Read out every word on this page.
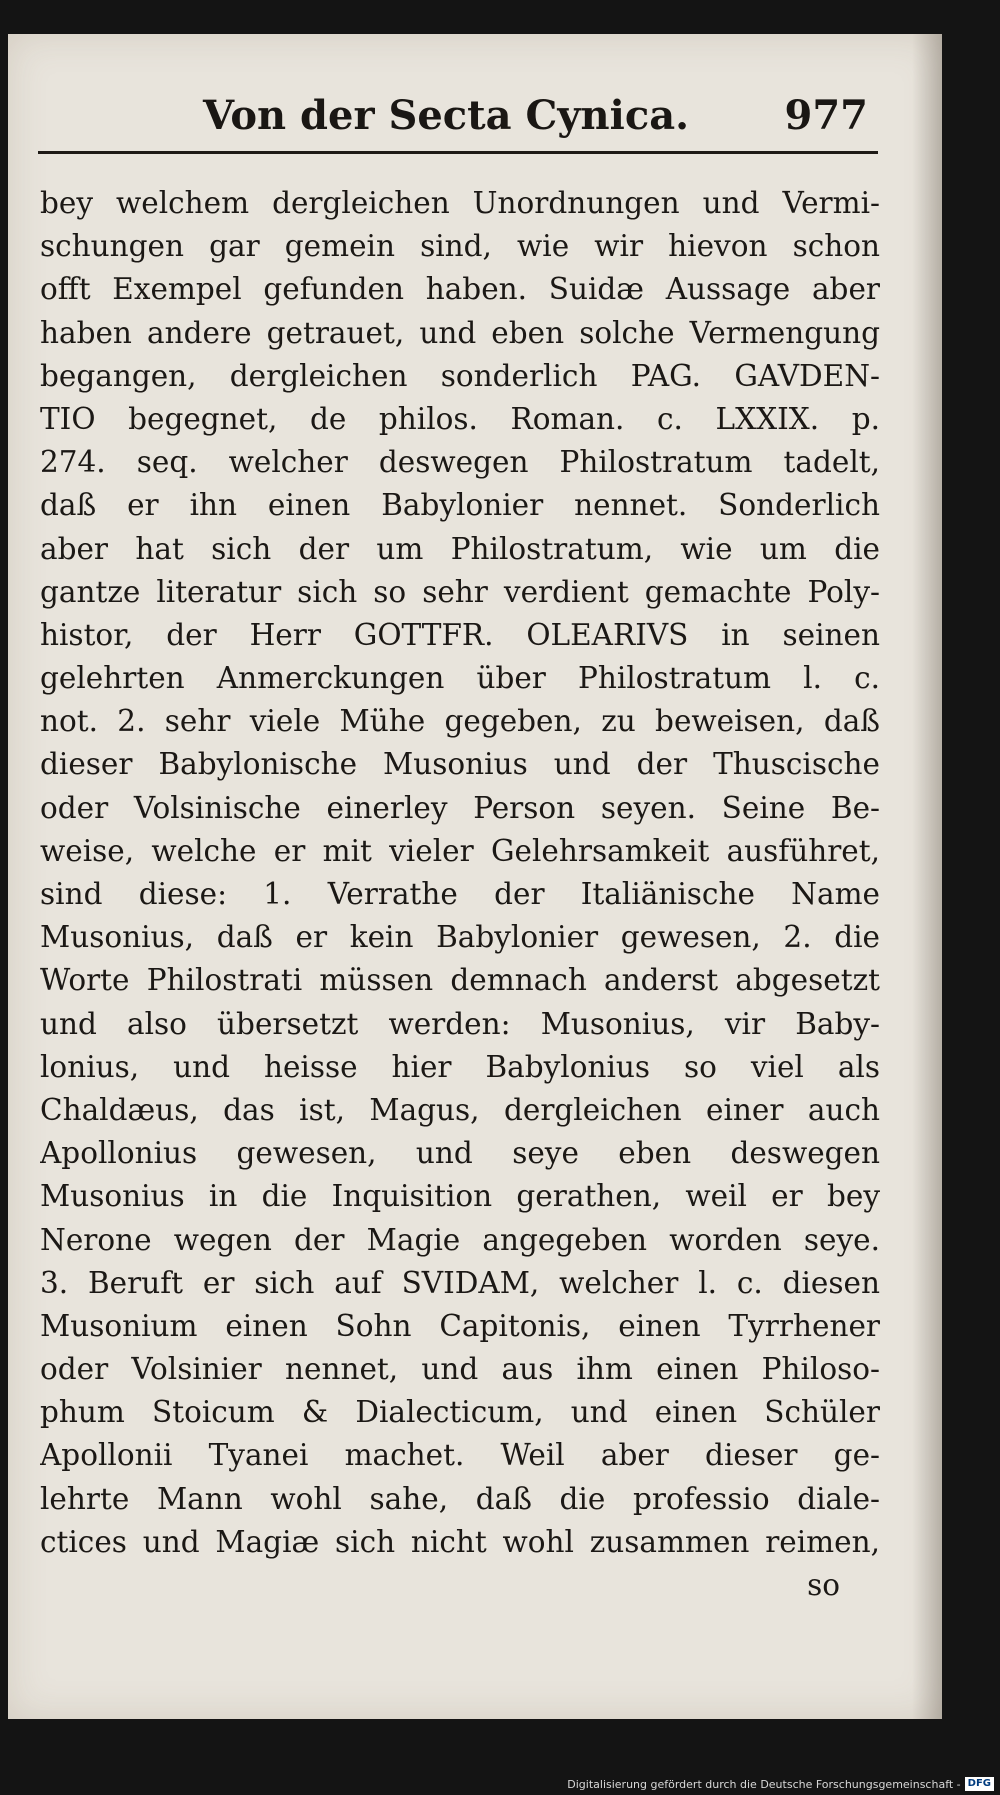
Von der Secta Cynica. 977
bey welchem dergleichen Unordnungen und Vermi-
schungen gar gemein sind, wie wir hievon schon
offt Exempel gefunden haben. Suidæ Aussage aber
haben andere getrauet, und eben solche Vermengung
begangen, dergleichen sonderlich PAG. GAVDEN-
TIO begegnet, de philos. Roman. c. LXXIX. p.
274. seq. welcher deswegen Philostratum tadelt,
daß er ihn einen Babylonier nennet. Sonderlich
aber hat sich der um Philostratum, wie um die
gantze literatur sich so sehr verdient gemachte Poly-
histor, der Herr GOTTFR. OLEARIVS in seinen
gelehrten Anmerckungen über Philostratum l. c.
not. 2. sehr viele Mühe gegeben, zu beweisen, daß
dieser Babylonische Musonius und der Thuscische
oder Volsinische einerley Person seyen. Seine Be-
weise, welche er mit vieler Gelehrsamkeit ausführet,
sind diese: 1. Verrathe der Italiänische Name
Musonius, daß er kein Babylonier gewesen, 2. die
Worte Philostrati müssen demnach anderst abgesetzt
und also übersetzt werden: Musonius, vir Baby-
lonius, und heisse hier Babylonius so viel als
Chaldæus, das ist, Magus, dergleichen einer auch
Apollonius gewesen, und seye eben deswegen
Musonius in die Inquisition gerathen, weil er bey
Nerone wegen der Magie angegeben worden seye.
3. Beruft er sich auf SVIDAM, welcher l. c. diesen
Musonium einen Sohn Capitonis, einen Tyrrhener
oder Volsinier nennet, und aus ihm einen Philoso-
phum Stoicum & Dialecticum, und einen Schüler
Apollonii Tyanei machet. Weil aber dieser ge-
lehrte Mann wohl sahe, daß die professio diale-
ctices und Magiæ sich nicht wohl zusammen reimen,
so
Digitalisierung gefördert durch die Deutsche Forschungsgemeinschaft - DFG
